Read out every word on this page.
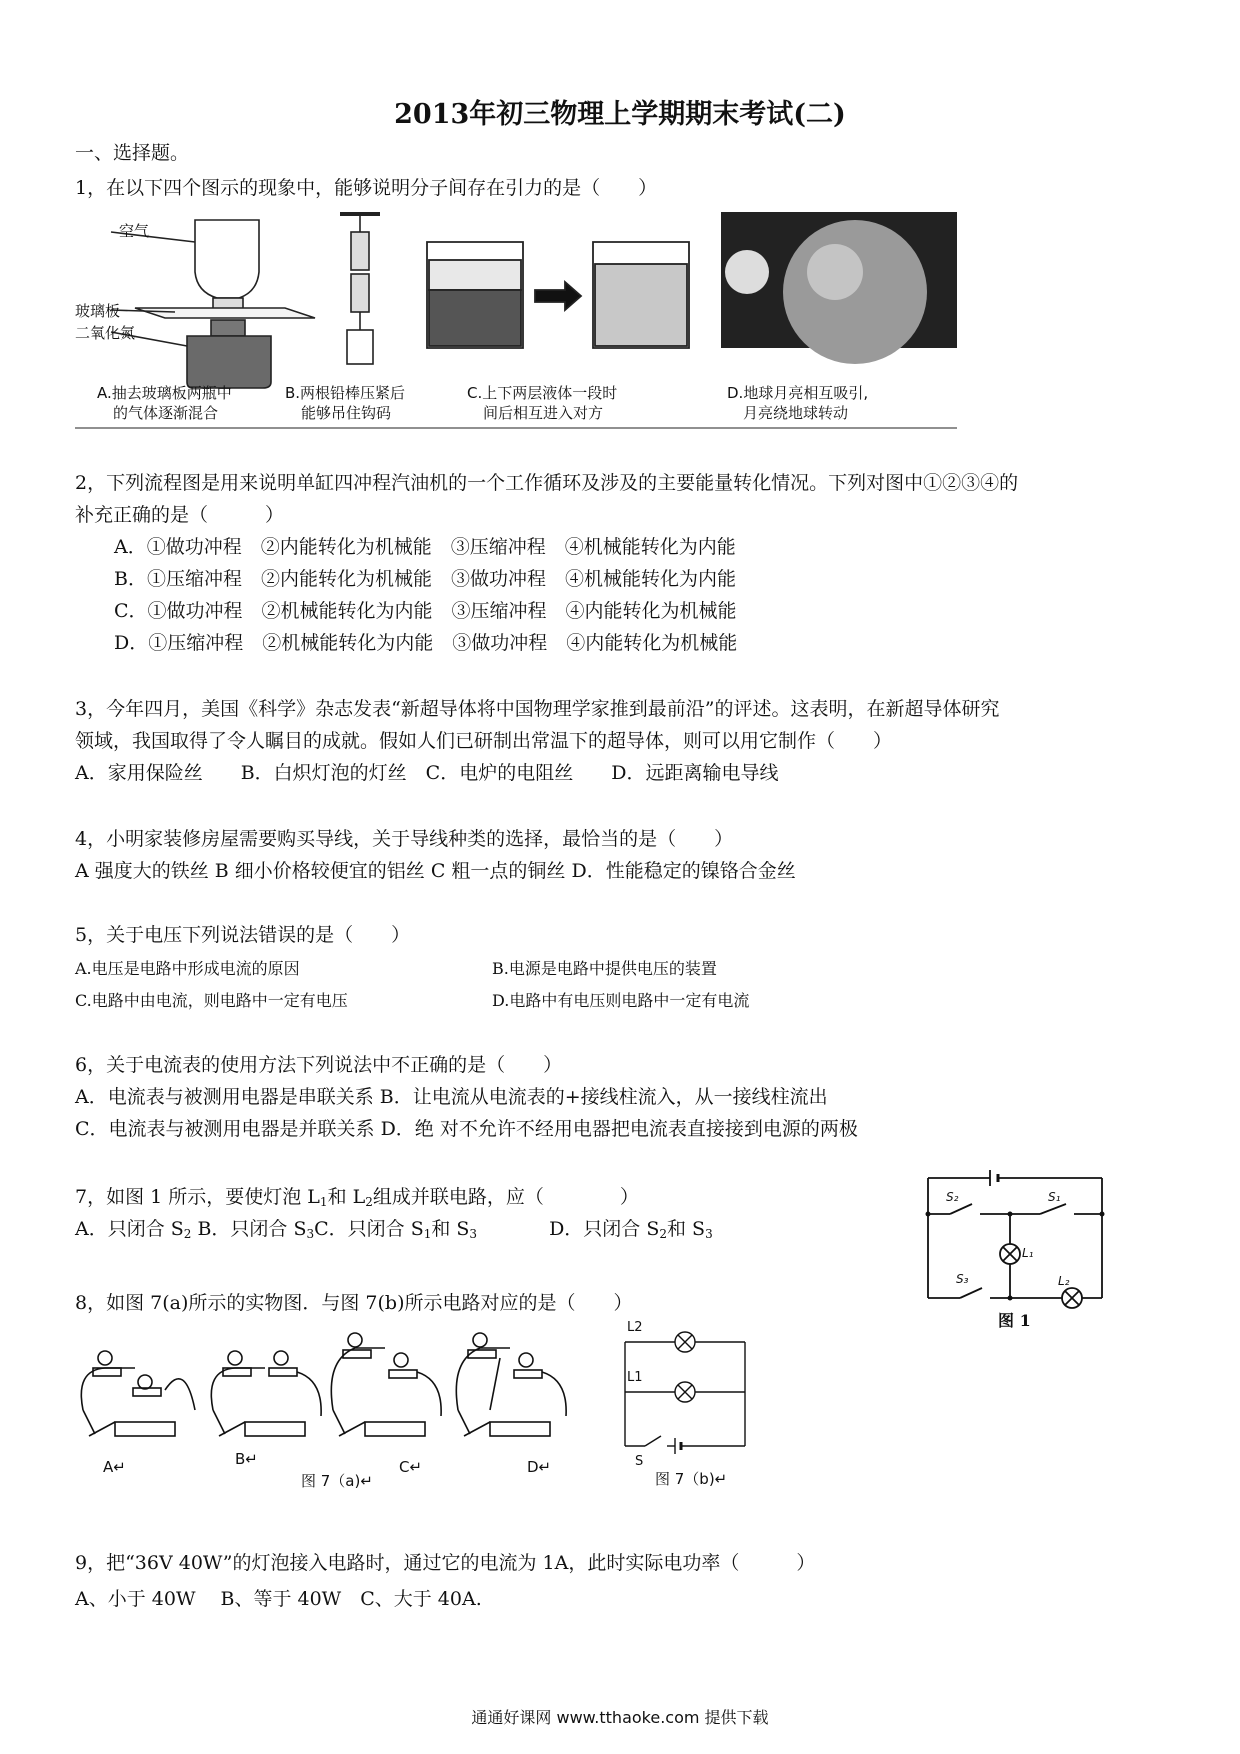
2013年初三物理上学期期末考试(二)
一、选择题。
1，在以下四个图示的现象中，能够说明分子间存在引力的是（　　）
空气
玻璃板
二氧化氮
A.抽去玻璃板两瓶中
的气体逐渐混合
B.两根铅棒压紧后
能够吊住钩码
C.上下两层液体一段时
间后相互进入对方
D.地球月亮相互吸引,
月亮绕地球转动
2，下列流程图是用来说明单缸四冲程汽油机的一个工作循环及涉及的主要能量转化情况。下列对图中①②③④的
补充正确的是（　　　）
A．①做功冲程　②内能转化为机械能　③压缩冲程　④机械能转化为内能
B．①压缩冲程　②内能转化为机械能　③做功冲程　④机械能转化为内能
C．①做功冲程　②机械能转化为内能　③压缩冲程　④内能转化为机械能
D．①压缩冲程　②机械能转化为内能　③做功冲程　④内能转化为机械能
3，今年四月，美国《科学》杂志发表“新超导体将中国物理学家推到最前沿”的评述。这表明，在新超导体研究
领域，我国取得了令人瞩目的成就。假如人们已研制出常温下的超导体，则可以用它制作（　　）
A．家用保险丝　　B．白炽灯泡的灯丝　C．电炉的电阻丝　　D．远距离输电导线
4，小明家装修房屋需要购买导线，关于导线种类的选择，最恰当的是（　　）
A 强度大的铁丝 B 细小价格较便宜的铝丝 C 粗一点的铜丝 D．性能稳定的镍铬合金丝
5，关于电压下列说法错误的是（　　）
A.电压是电路中形成电流的原因	B.电源是电路中提供电压的装置
C.电路中由电流，则电路中一定有电压	D.电路中有电压则电路中一定有电流
6，关于电流表的使用方法下列说法中不正确的是（　　）
A．电流表与被测用电器是串联关系 B．让电流从电流表的+接线柱流入，从一接线柱流出
C．电流表与被测用电器是并联关系 D．绝 对不允许不经用电器把电流表直接接到电源的两极
7，如图 1 所示，要使灯泡 $L_1$和 $L_2$组成并联电路，应（　　　　）
A．只闭合 $S_2$ B．只闭合 $S_3C$．只闭合 $S_1$和 $S_3$	D．只闭合 $S_2$和 $S_3$
S₂	S₁
L₁
S₃	L₂
图 1
8，如图 7(a)所示的实物图．与图 7(b)所示电路对应的是（　　）
A↵	B↵	C↵	D↵
图 7（a)↵
L2
L1
S
图 7（b)↵
9，把“36V 40W”的灯泡接入电路时，通过它的电流为 1A，此时实际电功率（　　　）
A、小于 40W　 B、等于 40W　C、大于 40A.
通通好课网 www.tthaoke.com 提供下载
